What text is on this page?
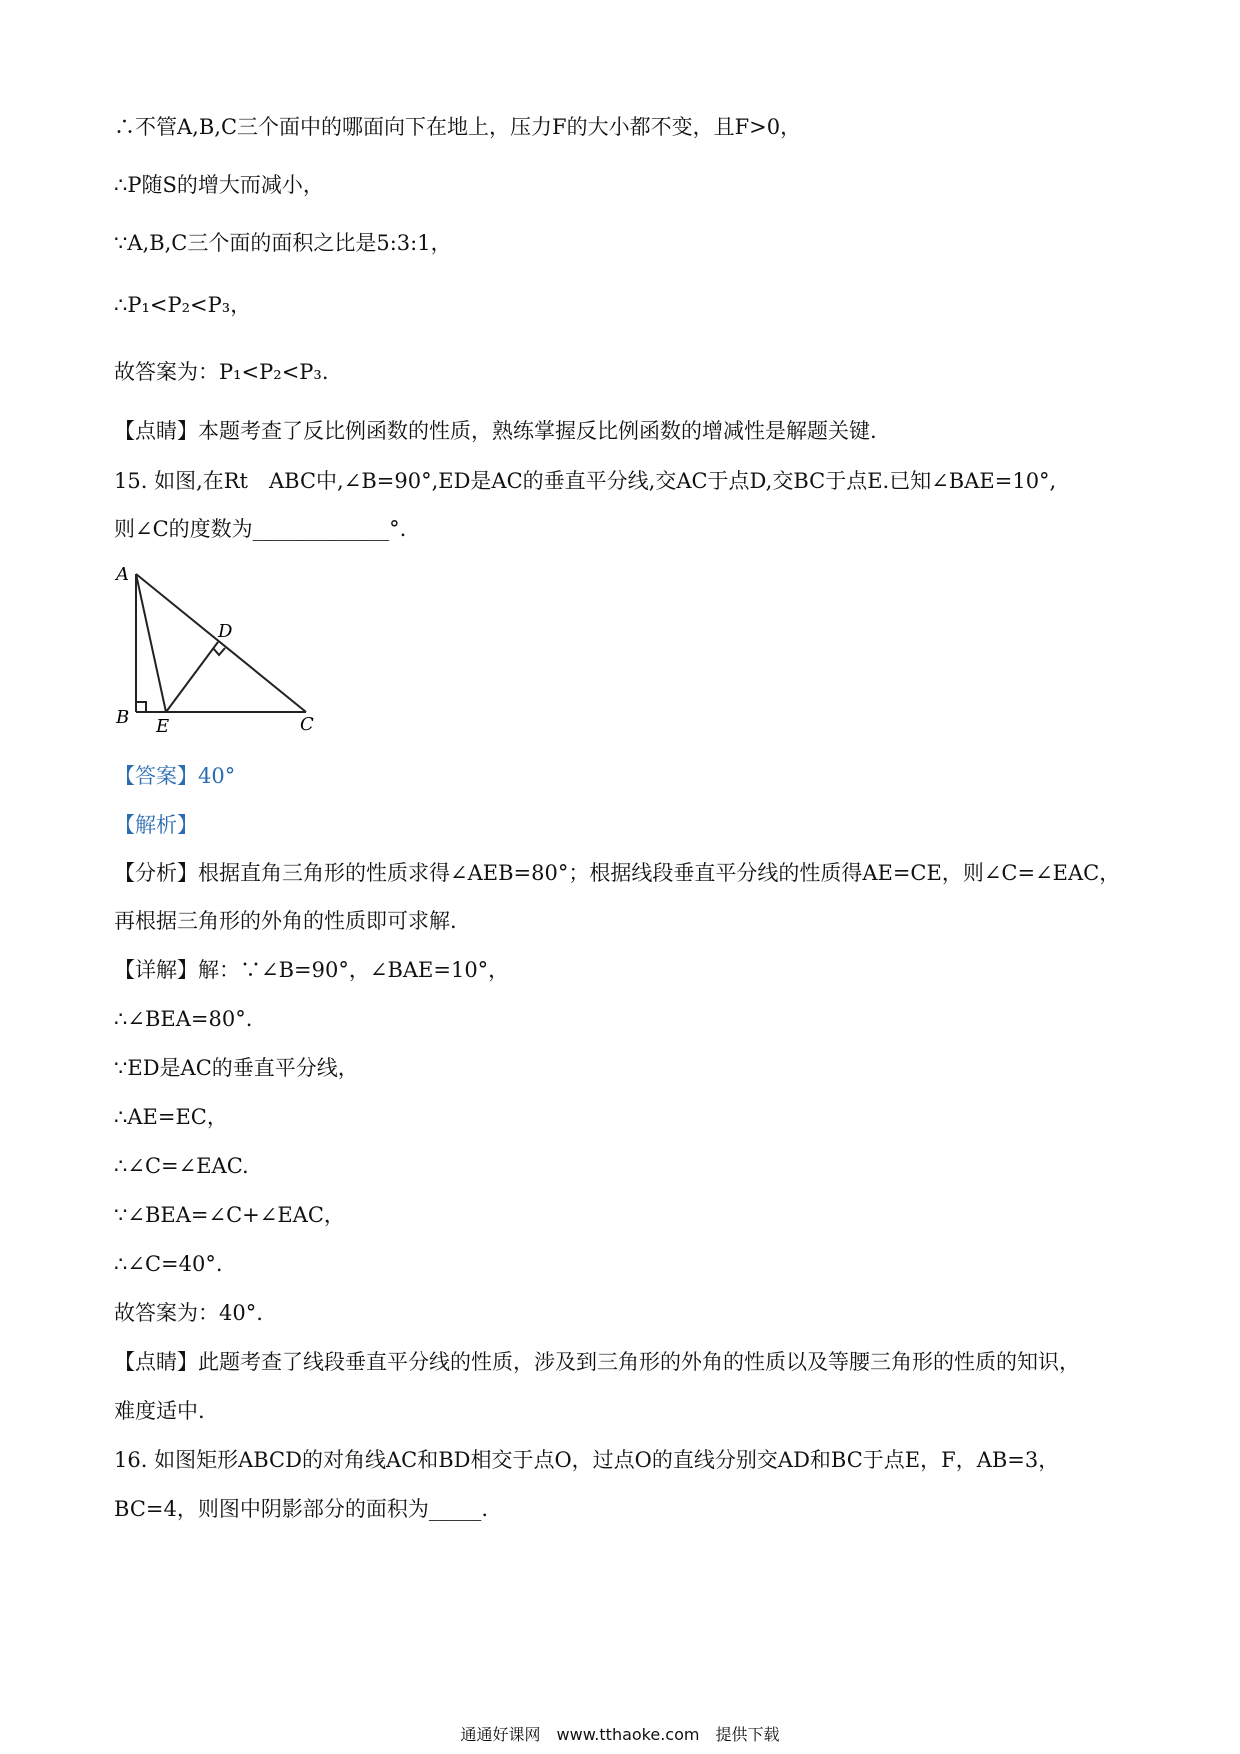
∴不管A,B,C三个面中的哪面向下在地上，压力F的大小都不变，且F>0，
∴P随S的增大而减小，
∵A,B,C三个面的面积之比是5:3:1，
∴P₁<P₂<P₃，
故答案为：P₁<P₂<P₃.
【点睛】本题考查了反比例函数的性质，熟练掌握反比例函数的增减性是解题关键.
15. 如图,在Rt　ABC中,∠B=90°,ED是AC的垂直平分线,交AC于点D,交BC于点E.已知∠BAE=10°,
则∠C的度数为_____________°.
A
B E	C
D
【答案】40°
【解析】
【分析】根据直角三角形的性质求得∠AEB=80°；根据线段垂直平分线的性质得AE=CE，则∠C=∠EAC，
再根据三角形的外角的性质即可求解.
【详解】解：∵∠B=90°，∠BAE=10°，
∴∠BEA=80°.
∵ED是AC的垂直平分线，
∴AE=EC，
∴∠C=∠EAC.
∵∠BEA=∠C+∠EAC，
∴∠C=40°.
故答案为：40°.
【点睛】此题考查了线段垂直平分线的性质，涉及到三角形的外角的性质以及等腰三角形的性质的知识，
难度适中.
16. 如图矩形ABCD的对角线AC和BD相交于点O，过点O的直线分别交AD和BC于点E，F，AB=3，
BC=4，则图中阴影部分的面积为_____.
通通好课网　www.tthaoke.com　提供下载
